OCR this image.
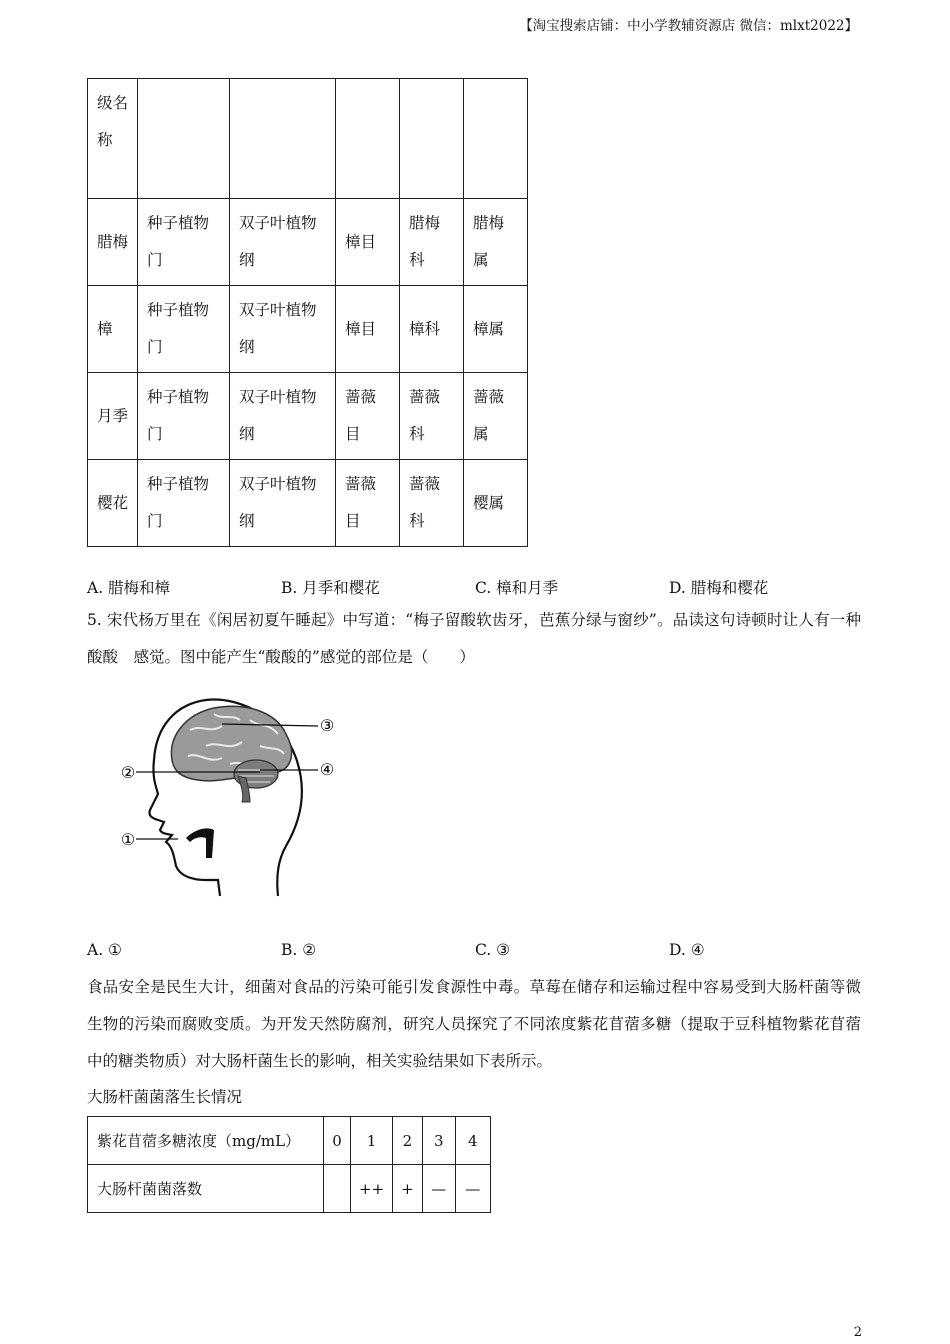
【淘宝搜索店铺：中小学教辅资源店 微信：mlxt2022】
级名称					
腊梅	种子植物门	双子叶植物纲	樟目	腊梅科	腊梅属
樟	种子植物门	双子叶植物纲	樟目	樟科	樟属
月季	种子植物门	双子叶植物纲	蔷薇目	蔷薇科	蔷薇属
樱花	种子植物门	双子叶植物纲	蔷薇目	蔷薇科	樱属
A. 腊梅和樟	B. 月季和樱花	C. 樟和月季	D. 腊梅和樱花
5. 宋代杨万里在《闲居初夏午睡起》中写道：“梅子留酸软齿牙，芭蕉分绿与窗纱”。品读这句诗顿时让人有一种酸酸　感觉。图中能产生“酸酸的”感觉的部位是（　　）
③
④
②
①
A. ①	B. ②	C. ③	D. ④
食品安全是民生大计，细菌对食品的污染可能引发食源性中毒。草莓在储存和运输过程中容易受到大肠杆菌等微生物的污染而腐败变质。为开发天然防腐剂，研究人员探究了不同浓度紫花苜蓿多糖（提取于豆科植物紫花苜蓿中的糖类物质）对大肠杆菌生长的影响，相关实验结果如下表所示。
大肠杆菌菌落生长情况
紫花苜蓿多糖浓度（mg/mL）	0	1	2	3	4
大肠杆菌菌落数		++	+	—	—
2
